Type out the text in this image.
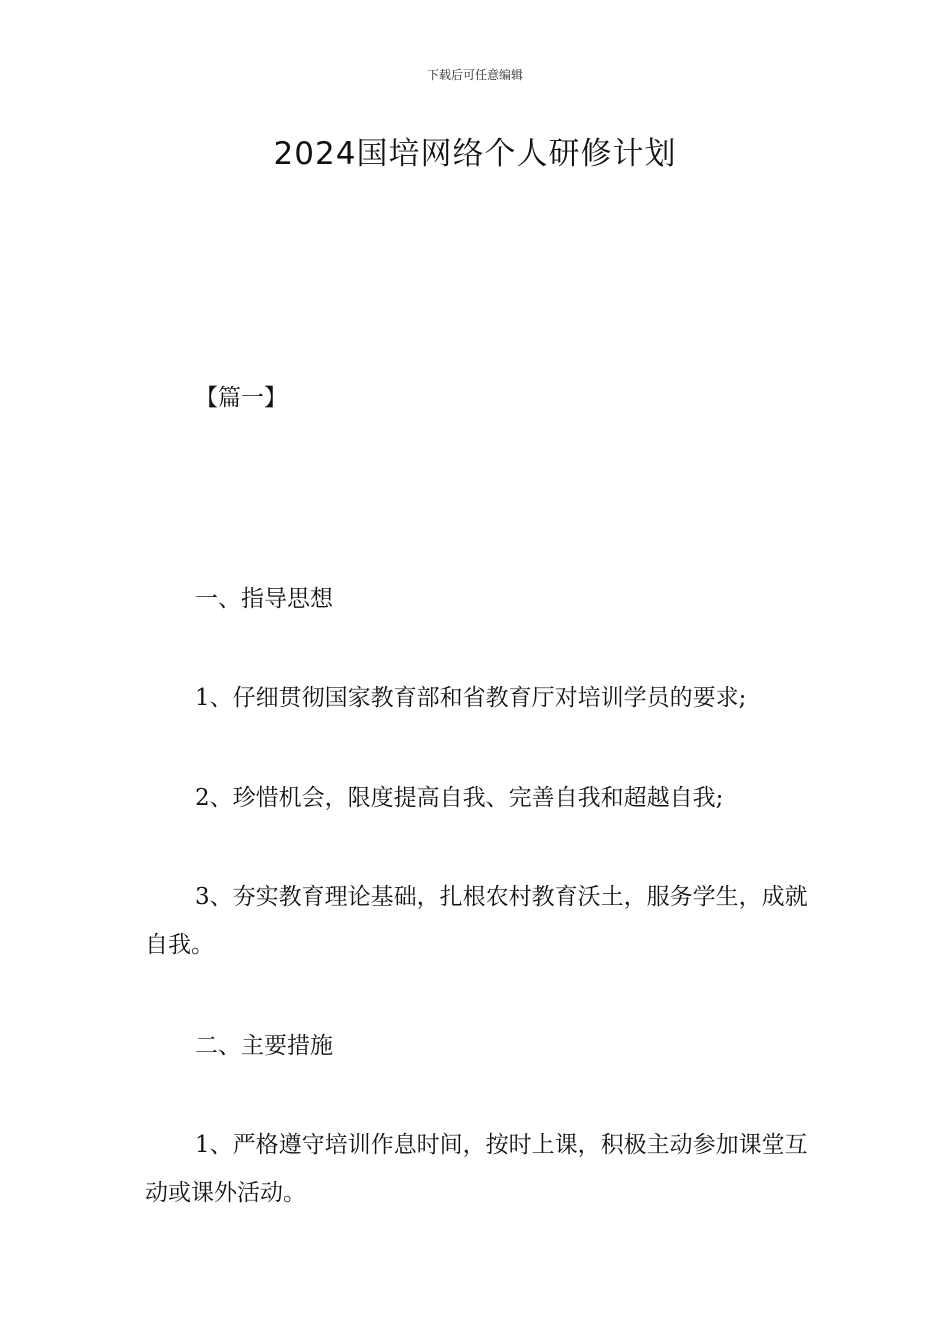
下载后可任意编辑
2024国培网络个人研修计划
【篇一】
一、指导思想
1、仔细贯彻国家教育部和省教育厅对培训学员的要求;
2、珍惜机会，限度提高自我、完善自我和超越自我;
3、夯实教育理论基础，扎根农村教育沃土，服务学生，成就自我。
二、主要措施
1、严格遵守培训作息时间，按时上课，积极主动参加课堂互动或课外活动。
